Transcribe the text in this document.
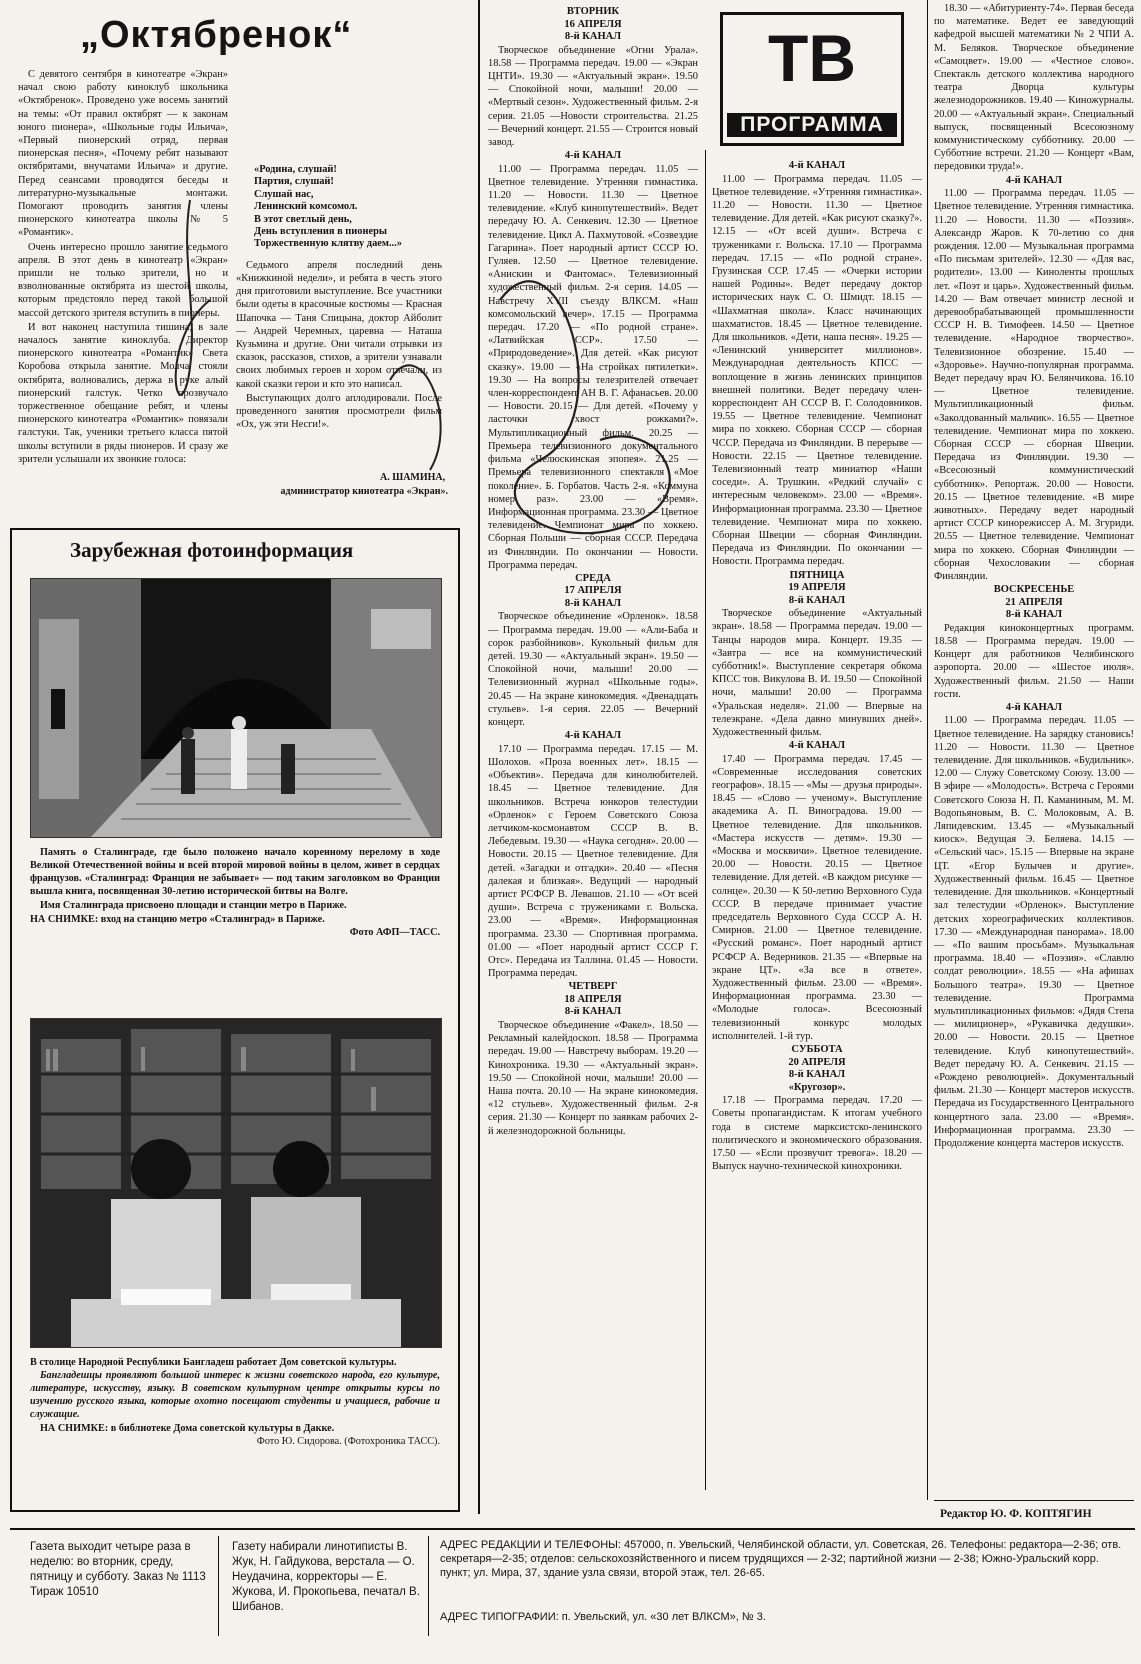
„Октябренок“

С девятого сентября в кинотеатре «Экран» начал свою работу киноклуб школьника «Октябренок». Проведено уже восемь занятий на темы: «От правил октябрят — к законам юного пионера», «Школьные годы Ильича», «Первый пионерский отряд, первая пионерская песня», «Почему ребят называют октябрятами, внучатами Ильича» и другие. Перед сеансами проводятся беседы и литературно-музыкальные монтажи. Помогают проводить занятия члены пионерского кинотеатра школы № 5 «Романтик».

Очень интересно прошло занятие седьмого апреля. В этот день в кинотеатр «Экран» пришли не только зрители, но и взволнованные октябрята из шестой школы, которым предстояло перед такой большой массой детского зрителя вступить в пионеры.

И вот наконец наступила тишина, в зале началось занятие киноклуба. Директор пионерского кинотеатра «Романтик» Света Коробова открыла занятие. Молча стояли октябрята, волновались, держа в руке алый пионерский галстук. Четко прозвучало торжественное обещание ребят, и члены пионерского кинотеатра «Романтик» повязали галстуки. Так, ученики третьего класса пятой школы вступили в ряды пионеров. И сразу же зрители услышали их звонкие голоса:

«Родина, слушай!
Партия, слушай!
Слушай нас,
Ленинский комсомол.
В этот светлый день,
День вступления в пионеры
Торжественную клятву даем...»

Седьмого апреля последний день «Книжкиной недели», и ребята в честь этого дня приготовили выступление. Все участники были одеты в красочные костюмы — Красная Шапочка — Таня Спицына, доктор Айболит — Андрей Черемных, царевна — Наташа Кузьмина и другие. Они читали отрывки из сказок, рассказов, стихов, а зрители узнавали своих любимых героев и хором отвечали, из какой сказки герои и кто это написал.

Выступающих долго аплодировали. После проведенного занятия просмотрели фильм «Ох, уж эти Несги!».

А. ШАМИНА,
администратор кинотеатра «Экран».
Зарубежная фотоинформация

Память о Сталинграде, где было положено начало коренному перелому в ходе Великой Отечественной войны и всей второй мировой войны в целом, живет в сердцах французов. «Сталинград: Франция не забывает» — под таким заголовком во Франции вышла книга, посвященная 30-летию исторической битвы на Волге.

Имя Сталинграда присвоено площади и станции метро в Париже.

НА СНИМКЕ: вход на станцию метро «Сталинград» в Париже.
Фото АФП—ТАСС.
В столице Народной Республики Бангладеш работает Дом советской культуры.

Бангладешцы проявляют большой интерес к жизни советского народа, его культуре, литературе, искусству, языку. В советском культурном центре открыты курсы по изучению русского языка, которые охотно посещают студенты и учащиеся, рабочие и служащие.

НА СНИМКЕ: в библиотеке Дома советской культуры в Дакке.
Фото Ю. Сидорова. (Фотохроника ТАСС).
ТВ
ПРОГРАММА
ВТОРНИК
16 АПРЕЛЯ
8-й КАНАЛ

Творческое объединение «Огни Урала». 18.58 — Программа передач. 19.00 — «Экран ЦНТИ». 19.30 — «Актуальный экран». 19.50 — Спокойной ночи, малыши! 20.00 — «Мертвый сезон». Художественный фильм. 2-я серия. 21.05 —Новости строительства. 21.25 — Вечерний концерт. 21.55 — Строится новый завод.

4-й КАНАЛ

11.00 — Программа передач. 11.05 — Цветное телевидение. Утренняя гимнастика. 11.20 — Новости. 11.30 — Цветное телевидение. «Клуб кинопутешествий». Ведет передачу Ю. А. Сенкевич. 12.30 — Цветное телевидение. Цикл А. Пахмутовой. «Созвездие Гагарина». Поет народный артист СССР Ю. Гуляев. 12.50 — Цветное телевидение. «Анискин и Фантомас». Телевизионный художественный фильм. 2-я серия. 14.05 — Навстречу XVII съезду ВЛКСМ. «Наш комсомольский вечер». 17.15 — Программа передач. 17.20 — «По родной стране». «Латвийская ССР». 17.50 — «Природоведение». Для детей. «Как рисуют сказку». 19.00 — «На стройках пятилетки». 19.30 — На вопросы телезрителей отвечает член-корреспондент АН В. Г. Афанасьев. 20.00 — Новости. 20.15 — Для детей. «Почему у ласточки хвост рожками?». Мультипликационный фильм. 20.25 — Премьера телевизионного документального фильма «Челюскинская эпопея». 21.25 — Премьера телевизионного спектакля «Мое поколение». Б. Горбатов. Часть 2-я. «Коммуна номер раз». 23.00 — «Время». Информационная программа. 23.30 — Цветное телевидение. Чемпионат мира по хоккею. Сборная Польши — сборная СССР. Передача из Финляндии. По окончании — Новости. Программа передач.

СРЕДА
17 АПРЕЛЯ
8-й КАНАЛ

Творческое объединение «Орленок». 18.58 — Программа передач. 19.00 — «Али-Баба и сорок разбойников». Кукольный фильм для детей. 19.30 — «Актуальный экран». 19.50 — Спокойной ночи, малыши! 20.00 — Телевизионный журнал «Школьные годы». 20.45 — На экране кинокомедия. «Двенадцать стульев». 1-я серия. 22.05 — Вечерний концерт.

4-й КАНАЛ

17.10 — Программа передач. 17.15 — М. Шолохов. «Проза военных лет». 18.15 — «Объектив». Передача для кинолюбителей. 18.45 — Цветное телевидение. Для школьников. Встреча юнкоров телестудии «Орленок» с Героем Советского Союза летчиком-космонавтом СССР В. В. Лебедевым. 19.30 — «Наука сегодня». 20.00 — Новости. 20.15 — Цветное телевидение. Для детей. «Загадки и отгадки». 20.40 — «Песня далекая и близкая». Ведущий — народный артист РСФСР В. Левашов. 21.10 — «От всей души». Встреча с тружениками г. Вольска. 23.00 — «Время». Информационная программа. 23.30 — Спортивная программа. 01.00 — «Поет народный артист СССР Г. Отс». Передача из Таллина. 01.45 — Новости. Программа передач.

ЧЕТВЕРГ
18 АПРЕЛЯ
8-й КАНАЛ

Творческое объединение «Факел». 18.50 — Рекламный калейдоскоп. 18.58 — Программа передач. 19.00 — Навстречу выборам. 19.20 — Кинохроника. 19.30 — «Актуальный экран». 19.50 — Спокойной ночи, малыши! 20.00 — Наша почта. 20.10 — На экране кинокомедия. «12 стульев». Художественный фильм. 2-я серия. 21.30 — Концерт по заявкам рабочих 2-й железнодорожной больницы.

4-й КАНАЛ

11.00 — Программа передач. 11.05 — Цветное телевидение. «Утренняя гимнастика». 11.20 — Новости. 11.30 — Цветное телевидение. Для детей. «Как рисуют сказку?». 12.15 — «От всей души». Встреча с тружениками г. Вольска. 17.10 — Программа передач. 17.15 — «По родной стране». Грузинская ССР. 17.45 — «Очерки истории нашей Родины». Ведет передачу доктор исторических наук С. О. Шмидт. 18.15 — «Шахматная школа». Класс начинающих шахматистов. 18.45 — Цветное телевидение. Для школьников. «Дети, наша песня». 19.25 — «Ленинский университет миллионов». Международная деятельность КПСС — воплощение в жизнь ленинских принципов внешней политики. Ведет передачу член-корреспондент АН СССР В. Г. Солодовников. 19.55 — Цветное телевидение. Чемпионат мира по хоккею. Сборная СССР — сборная ЧССР. Передача из Финляндии. В перерыве — Новости. 22.15 — Цветное телевидение. Телевизионный театр миниатюр «Наши соседи». А. Трушкин. «Редкий случай» с интересным человеком». 23.00 — «Время». Информационная программа. 23.30 — Цветное телевидение. Чемпионат мира по хоккею. Сборная Швеции — сборная Финляндии. Передача из Финляндии. По окончании — Новости. Программа передач.

ПЯТНИЦА
19 АПРЕЛЯ
8-й КАНАЛ

Творческое объединение «Актуальный экран». 18.58 — Программа передач. 19.00 — Танцы народов мира. Концерт. 19.35 — «Завтра — все на коммунистический субботник!». Выступление секретаря обкома КПСС тов. Викулова В. И. 19.50 — Спокойной ночи, малыши! 20.00 — Программа «Уральская неделя». 21.00 — Впервые на телеэкране. «Дела давно минувших дней». Художественный фильм.

4-й КАНАЛ

17.40 — Программа передач. 17.45 — «Современные исследования советских географов». 18.15 — «Мы — друзья природы». 18.45 — «Слово — ученому». Выступление академика А. П. Виноградова. 19.00 — Цветное телевидение. Для школьников. «Мастера искусств — детям». 19.30 — «Москва и москвичи». Цветное телевидение. 20.00 — Новости. 20.15 — Цветное телевидение. Для детей. «В каждом рисунке — солнце». 20.30 — К 50-летию Верховного Суда СССР. В передаче принимает участие председатель Верховного Суда СССР А. Н. Смирнов. 21.00 — Цветное телевидение. «Русский романс». Поет народный артист РСФСР А. Ведерников. 21.35 — «Впервые на экране ЦТ». «За все в ответе». Художественный фильм. 23.00 — «Время». Информационная программа. 23.30 — «Молодые голоса». Всесоюзный телевизионный конкурс молодых исполнителей. 1-й тур.

СУББОТА
20 АПРЕЛЯ
8-й КАНАЛ
«Кругозор».

17.18 — Программа передач. 17.20 — Советы пропагандистам. К итогам учебного года в системе марксистско-ленинского политического и экономического образования. 17.50 — «Если прозвучит тревога». 18.20 — Выпуск научно-технической кинохроники.

18.30 — «Абитуриенту-74». Первая беседа по математике. Ведет ее заведующий кафедрой высшей математики № 2 ЧПИ А. М. Беляков. Творческое объединение «Самоцвет». 19.00 — «Честное слово». Спектакль детского коллектива народного театра Дворца культуры железнодорожников. 19.40 — Киножурналы. 20.00 — «Актуальный экран». Специальный выпуск, посвященный Всесоюзному коммунистическому субботнику. 20.00 — Субботние встречи. 21.20 — Концерт «Вам, передовики труда!».

4-й КАНАЛ

11.00 — Программа передач. 11.05 — Цветное телевидение. Утренняя гимнастика. 11.20 — Новости. 11.30 — «Поэзия». Александр Жаров. К 70-летию со дня рождения. 12.00 — Музыкальная программа «По письмам зрителей». 12.30 — «Для вас, родители». 13.00 — Киноленты прошлых лет. «Поэт и царь». Художественный фильм. 14.20 — Вам отвечает министр лесной и деревообрабатывающей промышленности СССР Н. В. Тимофеев. 14.50 — Цветное телевидение. «Народное творчество». Телевизионное обозрение. 15.40 — «Здоровье». Научно-популярная программа. Ведет передачу врач Ю. Белянчикова. 16.10 — Цветное телевидение. Мультипликационный фильм. «Заколдованный мальчик». 16.55 — Цветное телевидение. Чемпионат мира по хоккею. Сборная СССР — сборная Швеции. Передача из Финляндии. 19.30 — «Всесоюзный коммунистический субботник». Репортаж. 20.00 — Новости. 20.15 — Цветное телевидение. «В мире животных». Передачу ведет народный артист СССР кинорежиссер А. М. Згуриди. 20.55 — Цветное телевидение. Чемпионат мира по хоккею. Сборная Финляндии — сборная Чехословакии — сборная Финляндии.

ВОСКРЕСЕНЬЕ
21 АПРЕЛЯ
8-й КАНАЛ

Редакция киноконцертных программ. 18.58 — Программа передач. 19.00 — Концерт для работников Челябинского аэропорта. 20.00 — «Шестое июля». Художественный фильм. 21.50 — Наши гости.

4-й КАНАЛ

11.00 — Программа передач. 11.05 — Цветное телевидение. На зарядку становись! 11.20 — Новости. 11.30 — Цветное телевидение. Для школьников. «Будильник». 12.00 — Служу Советскому Союзу. 13.00 — В эфире — «Молодость». Встреча с Героями Советского Союза Н. П. Каманиным, М. М. Водопьяновым, В. С. Молоковым, А. В. Ляпидевским. 13.45 — «Музыкальный киоск». Ведущая Э. Беляева. 14.15 — «Сельский час». 15.15 — Впервые на экране ЦТ. «Егор Булычев и другие». Художественный фильм. 16.45 — Цветное телевидение. Для школьников. «Концертный зал телестудии «Орленок». Выступление детских хореографических коллективов. 17.30 — «Международная панорама». 18.00 — «По вашим просьбам». Музыкальная программа. 18.40 — «Поэзия». «Славлю солдат революции». 18.55 — «На афишах Большого театра». 19.30 — Цветное телевидение. Программа мультипликационных фильмов: «Дядя Степа — милиционер», «Рукавичка дедушки». 20.00 — Новости. 20.15 — Цветное телевидение. Клуб кинопутешествий». Ведет передачу Ю. А. Сенкевич. 21.15 — «Рождено революцией». Документальный фильм. 21.30 — Концерт мастеров искусств. Передача из Государственного Центрального концертного зала. 23.00 — «Время». Информационная программа. 23.30 — Продолжение концерта мастеров искусств.

Редактор Ю. Ф. КОПТЯГИН
Газета выходит четыре раза в неделю: во вторник, среду, пятницу и субботу. Заказ № 1113 Тираж 10510
Газету набирали линотиписты В. Жук, Н. Гайдукова, верстала — О. Неудачина, корректоры — Е. Жукова, И. Прокопьева, печатал В. Шибанов.
АДРЕС РЕДАКЦИИ И ТЕЛЕФОНЫ: 457000, п. Увельский, Челябинской области, ул. Советская, 26. Телефоны: редактора—2-36; отв. секретаря—2-35; отделов: сельскохозяйственного и писем трудящихся — 2-32; партийной жизни — 2-38; Южно-Уральский корр. пункт; ул. Мира, 37, здание узла связи, второй этаж, тел. 26-65.
АДРЕС ТИПОГРАФИИ: п. Увельский, ул. «30 лет ВЛКСМ», № 3.
